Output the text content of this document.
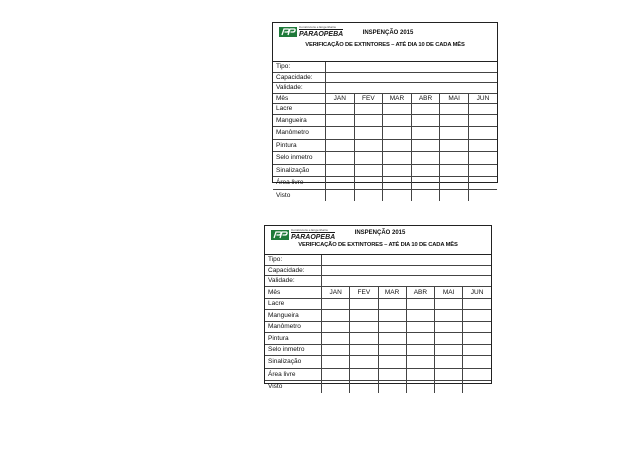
Construtora e Engenharia
PARAOPEBA	INSPENÇÃO 2015
VERIFICAÇÃO DE EXTINTORES – ATÉ DIA 10 DE CADA MÊS
Tipo:						
Capacidade:						
Validade:						
Mês	JAN	FEV	MAR	ABR	MAI	JUN
Lacre						
Mangueira						
Manômetro						
Pintura						
Selo inmetro						
Sinalização						
Área livre						
Visto						
Construtora e Engenharia
PARAOPEBA
INSPENÇÃO 2015
VERIFICAÇÃO DE EXTINTORES – ATÉ DIA 10 DE CADA MÊS
Tipo:						
Capacidade:						
Validade:						
Mês	JAN	FEV	MAR	ABR	MAI	JUN
Lacre						
Mangueira						
Manômetro						
Pintura						
Selo inmetro						
Sinalização						
Área livre						
Visto						
